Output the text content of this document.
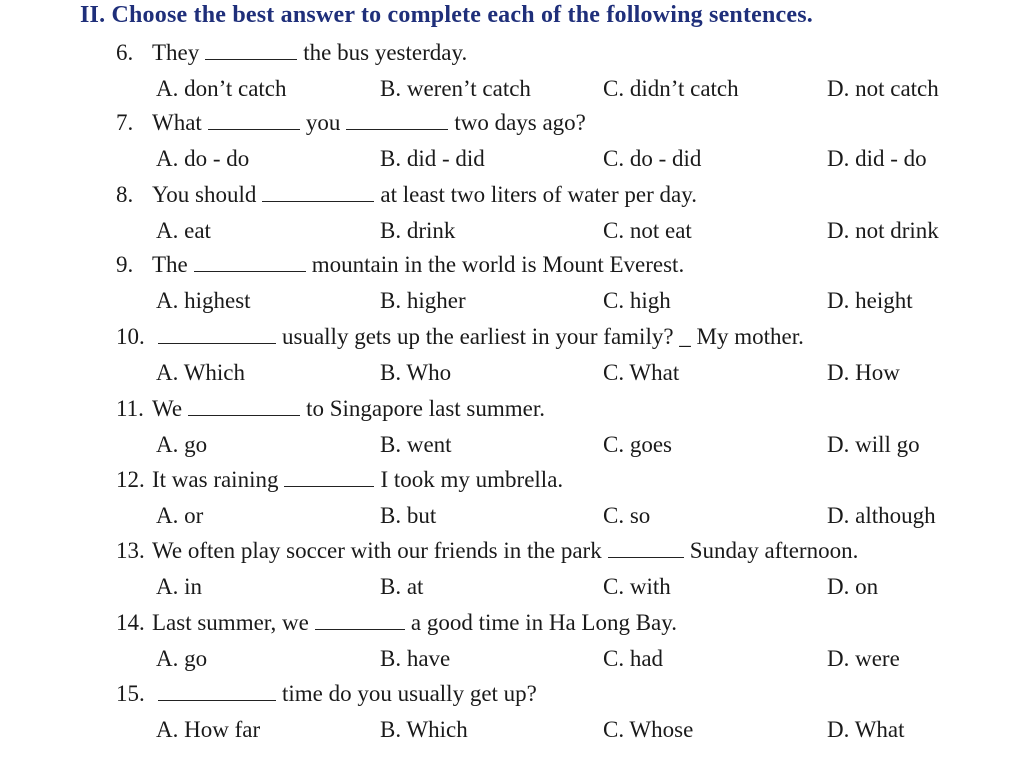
II. Choose the best answer to complete each of the following sentences.
6. They	the bus yesterday.
A. don’t catch	B. weren’t catch	C. didn’t catch	D. not catch
7. What	you	two days ago?
A. do - do	B. did - did	C. do - did	D. did - do
8. You should	at least two liters of water per day.
A. eat	B. drink	C. not eat	D. not drink
9. The	mountain in the world is Mount Everest.
A. highest	B. higher	C. high	D. height
10.	usually gets up the earliest in your family? _ My mother.
A. Which	B. Who	C. What	D. How
11. We	to Singapore last summer.
A. go	B. went	C. goes	D. will go
12. It was raining	I took my umbrella.
A. or	B. but	C. so	D. although
13. We often play soccer with our friends in the park	Sunday afternoon.
A. in	B. at	C. with	D. on
14. Last summer, we	a good time in Ha Long Bay.
A. go	B. have	C. had	D. were
15.	time do you usually get up?
A. How far	B. Which	C. Whose	D. What
